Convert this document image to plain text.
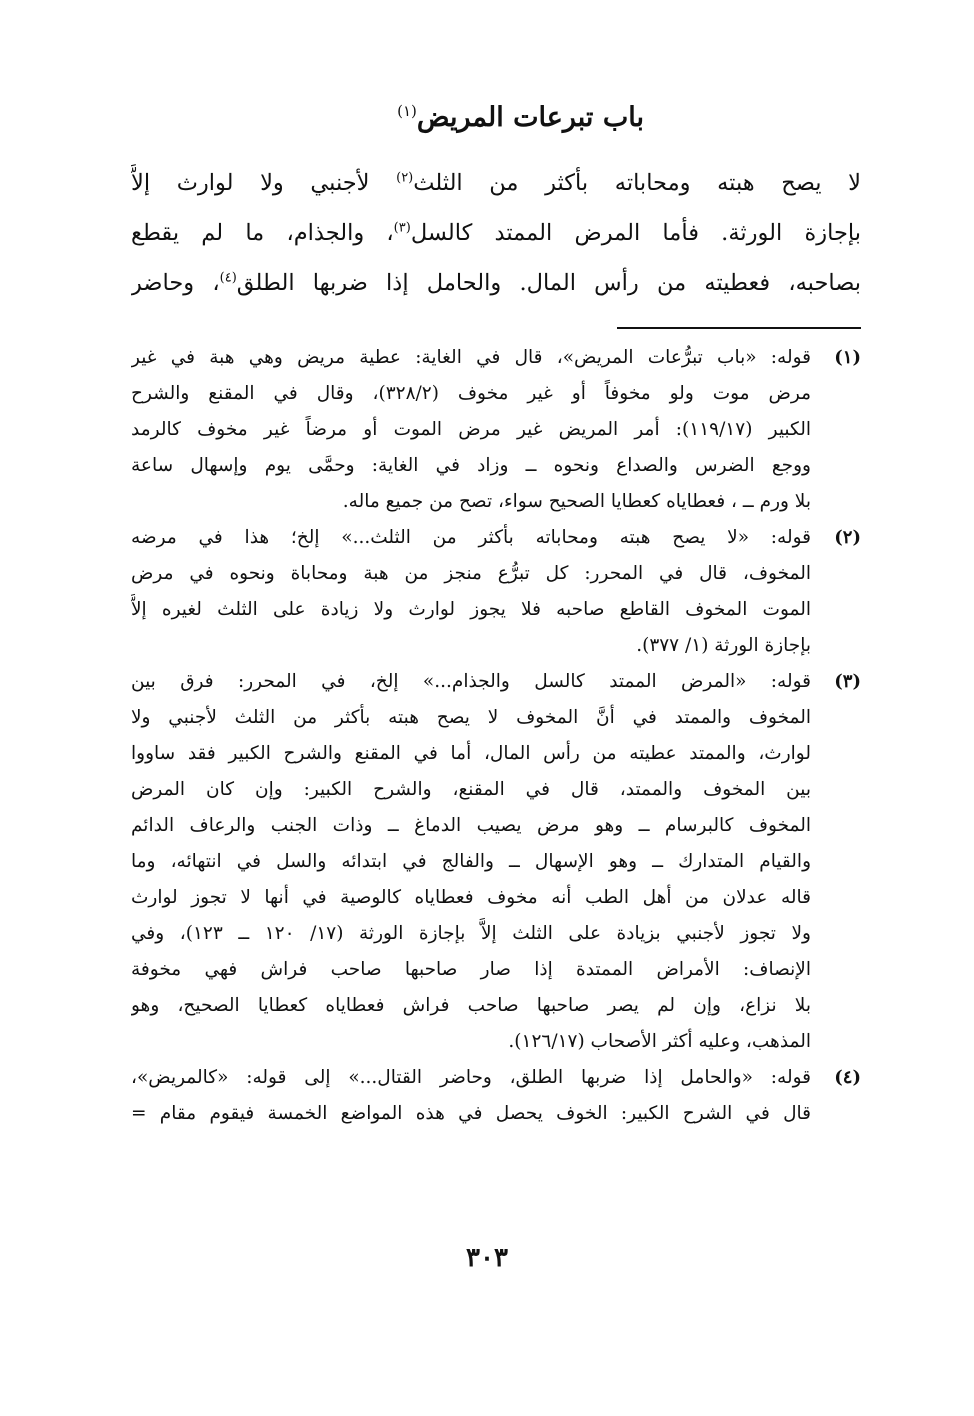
باب تبرعات المريض$^{(١)}$
لا يصح هبته ومحاباته بأكثر من الثلث$^{(٢)}$ لأجنبي ولا لوارث إلاَّ
بإجازة الورثة. فأما المرض الممتد كالسل$^{(٣)}$، والجذام، ما لم يقطع
بصاحبه، فعطيته من رأس المال. والحامل إذا ضربها الطلق$^{(٤)}$، وحاضر
(١)
قوله: «باب تبرُّعات المريض»، قال في الغاية: عطية مريض وهي هبة في غير
مرض موت ولو مخوفاً أو غير مخوف (٣٢٨/٢)، وقال في المقنع والشرح
الكبير (١١٩/١٧): أمر المريض غير مرض الموت أو مرضاً غير مخوف كالرمد
ووجع الضرس والصداع ونحوه ــ وزاد في الغاية: وحمَّى يوم وإسهال ساعة
بلا ورم ــ ، فعطاياه كعطايا الصحيح سواء، تصح من جميع ماله.
(٢)
قوله: «لا يصح هبته ومحاباته بأكثر من الثلث...» إلخ؛ هذا في مرضه
المخوف، قال في المحرر: كل تبرُّع منجز من هبة ومحاباة ونحوه في مرض
الموت المخوف القاطع صاحبه فلا يجوز لوارث ولا زيادة على الثلث لغيره إلاَّ
بإجازة الورثة (١/ ٣٧٧).
(٣)
قوله: «المرض الممتد كالسل والجذام...» إلخ، في المحرر: فرق بين
المخوف والممتد في أنَّ المخوف لا يصح هبته بأكثر من الثلث لأجنبي ولا
لوارث، والممتد عطيته من رأس المال، أما في المقنع والشرح الكبير فقد ساووا
بين المخوف والممتد، قال في المقنع، والشرح الكبير: وإن كان المرض
المخوف كالبرسام ــ وهو مرض يصيب الدماغ ــ وذات الجنب والرعاف الدائم
والقيام المتدارك ــ وهو الإسهال ــ والفالج في ابتدائه والسل في انتهائه، وما
قاله عدلان من أهل الطب أنه مخوف فعطاياه كالوصية في أنها لا تجوز لوارث
ولا تجوز لأجنبي بزيادة على الثلث إلاَّ بإجازة الورثة (١٧/ ١٢٠ ــ ١٢٣)، وفي
الإنصاف: الأمراض الممتدة إذا صار صاحبها صاحب فراش فهي مخوفة
بلا نزاع، وإن لم يصر صاحبها صاحب فراش فعطاياه كعطايا الصحيح، وهو
المذهب، وعليه أكثر الأصحاب (١٢٦/١٧).
(٤)
قوله: «والحامل إذا ضربها الطلق، وحاضر القتال...» إلى قوله: «كالمريض»،
قال في الشرح الكبير: الخوف يحصل في هذه المواضع الخمسة فيقوم مقام =
٣٠٣
